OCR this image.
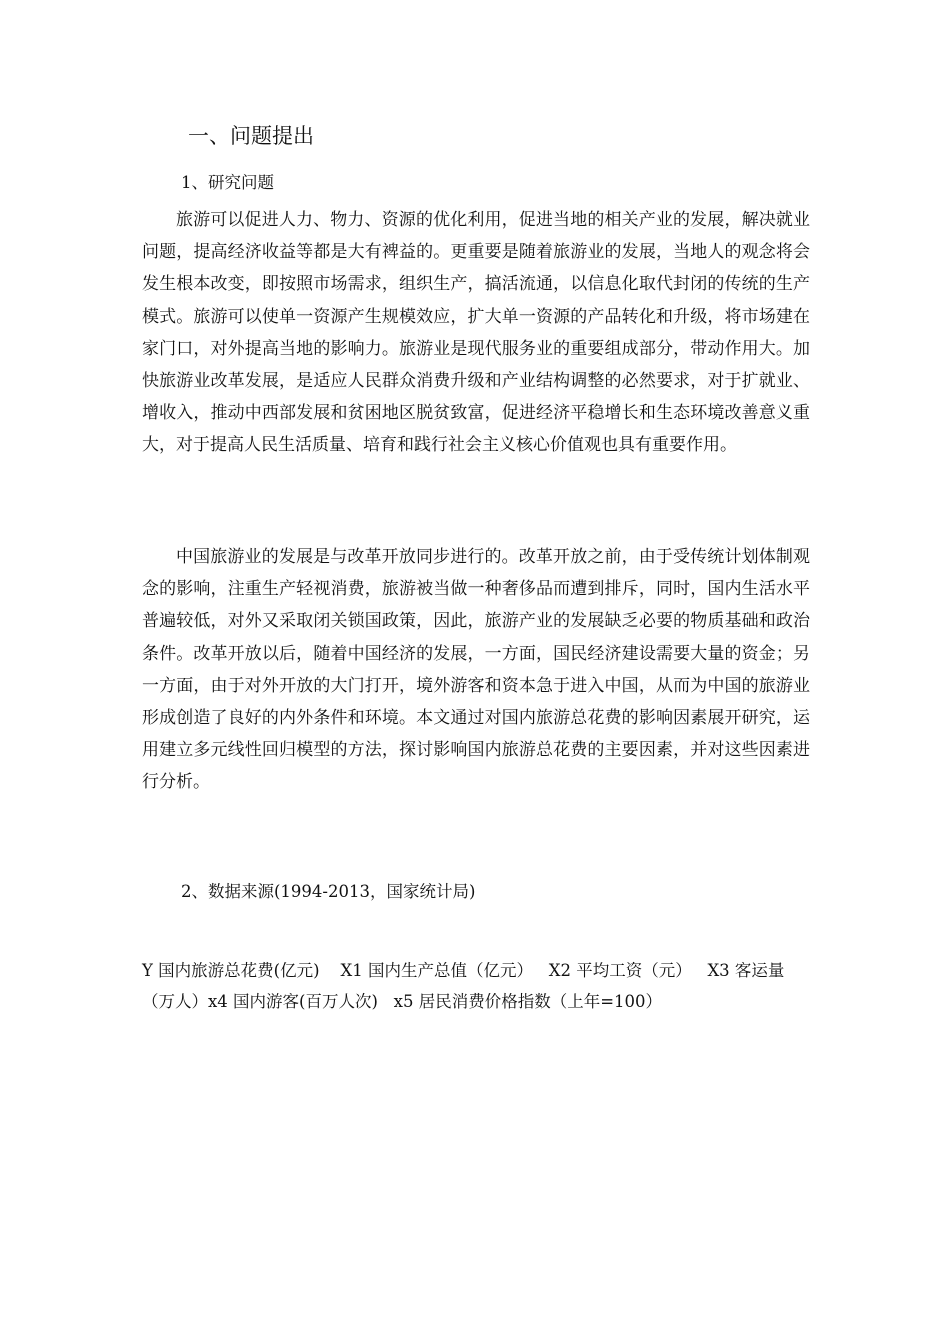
一、问题提出
1、研究问题

旅游可以促进人力、物力、资源的优化利用，促进当地的相关产业的发展，解决就业问题，提高经济收益等都是大有裨益的。更重要是随着旅游业的发展，当地人的观念将会发生根本改变，即按照市场需求，组织生产，搞活流通，以信息化取代封闭的传统的生产模式。旅游可以使单一资源产生规模效应，扩大单一资源的产品转化和升级，将市场建在家门口，对外提高当地的影响力。旅游业是现代服务业的重要组成部分，带动作用大。加快旅游业改革发展，是适应人民群众消费升级和产业结构调整的必然要求，对于扩就业、增收入，推动中西部发展和贫困地区脱贫致富，促进经济平稳增长和生态环境改善意义重大，对于提高人民生活质量、培育和践行社会主义核心价值观也具有重要作用。

中国旅游业的发展是与改革开放同步进行的。改革开放之前，由于受传统计划体制观念的影响，注重生产轻视消费，旅游被当做一种奢侈品而遭到排斥，同时，国内生活水平普遍较低，对外又采取闭关锁国政策，因此，旅游产业的发展缺乏必要的物质基础和政治条件。改革开放以后，随着中国经济的发展，一方面，国民经济建设需要大量的资金；另一方面，由于对外开放的大门打开，境外游客和资本急于进入中国，从而为中国的旅游业形成创造了良好的内外条件和环境。本文通过对国内旅游总花费的影响因素展开研究，运用建立多元线性回归模型的方法，探讨影响国内旅游总花费的主要因素，并对这些因素进行分析。

2、数据来源(1994-2013，国家统计局)

Y 国内旅游总花费(亿元)    X1 国内生产总值（亿元）   X2 平均工资（元）   X3 客运量（万人）x4 国内游客(百万人次)   x5 居民消费价格指数（上年=100）
